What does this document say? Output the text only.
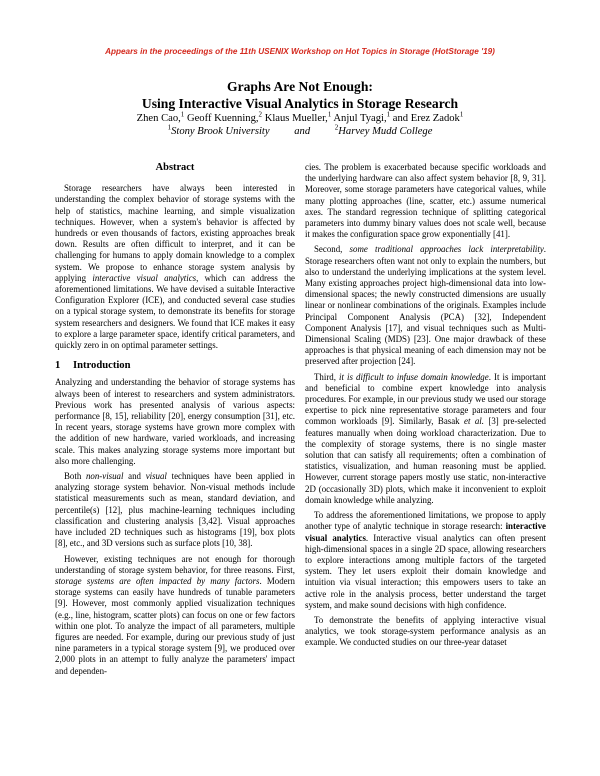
Appears in the proceedings of the 11th USENIX Workshop on Hot Topics in Storage (HotStorage '19)
Graphs Are Not Enough:
Using Interactive Visual Analytics in Storage Research
Zhen Cao,$^1$ Geoff Kuenning,$^2$ Klaus Mueller,$^1$ Anjul Tyagi,$^1$ and Erez Zadok$^1$
$^1$Stony Brook University and	$^2$Harvey Mudd College
Abstract

Storage researchers have always been interested in understanding the complex behavior of storage systems with the help of statistics, machine learning, and simple visualization techniques. However, when a system's behavior is affected by hundreds or even thousands of factors, existing approaches break down. Results are often difficult to interpret, and it can be challenging for humans to apply domain knowledge to a complex system. We propose to enhance storage system analysis by applying interactive visual analytics, which can address the aforementioned limitations. We have devised a suitable Interactive Configuration Explorer (ICE), and conducted several case studies on a typical storage system, to demonstrate its benefits for storage system researchers and designers. We found that ICE makes it easy to explore a large parameter space, identify critical parameters, and quickly zero in on optimal parameter settings.

1 Introduction

Analyzing and understanding the behavior of storage systems has always been of interest to researchers and system administrators. Previous work has presented analysis of various aspects: performance [8, 15], reliability [20], energy consumption [31], etc. In recent years, storage systems have grown more complex with the addition of new hardware, varied workloads, and increasing scale. This makes analyzing storage systems more important but also more challenging.

Both non-visual and visual techniques have been applied in analyzing storage system behavior. Non-visual methods include statistical measurements such as mean, standard deviation, and percentile(s) [12], plus machine-learning techniques including classification and clustering analysis [3,42]. Visual approaches have included 2D techniques such as histograms [19], box plots [8], etc., and 3D versions such as surface plots [10, 38].

However, existing techniques are not enough for thorough understanding of storage system behavior, for three reasons. First, storage systems are often impacted by many factors. Modern storage systems can easily have hundreds of tunable parameters [9]. However, most commonly applied visualization techniques (e.g., line, histogram, scatter plots) can focus on one or few factors within one plot. To analyze the impact of all parameters, multiple figures are needed. For example, during our previous study of just nine parameters in a typical storage system [9], we produced over 2,000 plots in an attempt to fully analyze the parameters' impact and dependen-

cies. The problem is exacerbated because specific workloads and the underlying hardware can also affect system behavior [8, 9, 31]. Moreover, some storage parameters have categorical values, while many plotting approaches (line, scatter, etc.) assume numerical axes. The standard regression technique of splitting categorical parameters into dummy binary values does not scale well, because it makes the configuration space grow exponentially [41].

Second, some traditional approaches lack interpretability. Storage researchers often want not only to explain the numbers, but also to understand the underlying implications at the system level. Many existing approaches project high-dimensional data into low-dimensional spaces; the newly constructed dimensions are usually linear or nonlinear combinations of the originals. Examples include Principal Component Analysis (PCA) [32], Independent Component Analysis [17], and visual techniques such as Multi-Dimensional Scaling (MDS) [23]. One major drawback of these approaches is that physical meaning of each dimension may not be preserved after projection [24].

Third, it is difficult to infuse domain knowledge. It is important and beneficial to combine expert knowledge into analysis procedures. For example, in our previous study we used our storage expertise to pick nine representative storage parameters and four common workloads [9]. Similarly, Basak et al. [3] pre-selected features manually when doing workload characterization. Due to the complexity of storage systems, there is no single master solution that can satisfy all requirements; often a combination of statistics, visualization, and human reasoning must be applied. However, current storage papers mostly use static, non-interactive 2D (occasionally 3D) plots, which make it inconvenient to exploit domain knowledge while analyzing.

To address the aforementioned limitations, we propose to apply another type of analytic technique in storage research: interactive visual analytics. Interactive visual analytics can often present high-dimensional spaces in a single 2D space, allowing researchers to explore interactions among multiple factors of the targeted system. They let users exploit their domain knowledge and intuition via visual interaction; this empowers users to take an active role in the analysis process, better understand the target system, and make sound decisions with high confidence.

To demonstrate the benefits of applying interactive visual analytics, we took storage-system performance analysis as an example. We conducted studies on our three-year dataset
